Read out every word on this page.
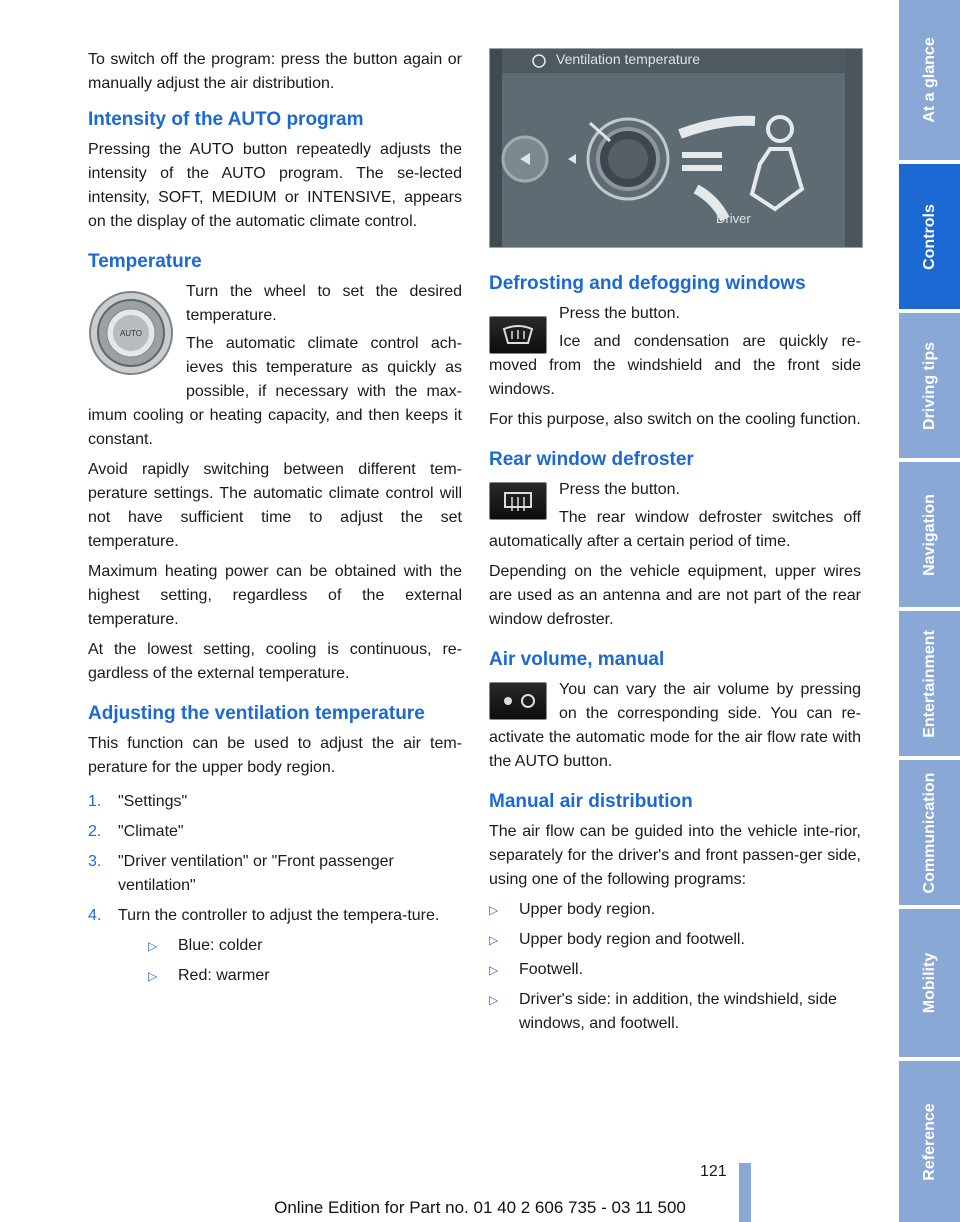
To switch off the program: press the button again or manually adjust the air distribution.

Intensity of the AUTO program

Pressing the AUTO button repeatedly adjusts the intensity of the AUTO program. The se-lected intensity, SOFT, MEDIUM or INTENSIVE, appears on the display of the automatic climate control.

Temperature
AUTO

Turn the wheel to set the desired temperature.

The automatic climate control ach-ieves this temperature as quickly as possible, if necessary with the max-imum cooling or heating capacity, and then keeps it constant.

Avoid rapidly switching between different tem-perature settings. The automatic climate control will not have sufficient time to adjust the set temperature.

Maximum heating power can be obtained with the highest setting, regardless of the external temperature.

At the lowest setting, cooling is continuous, re-gardless of the external temperature.

Adjusting the ventilation temperature

This function can be used to adjust the air tem-perature for the upper body region.

1. "Settings"
2. "Climate"
3. "Driver ventilation" or "Front passenger ventilation"
4. Turn the controller to adjust the tempera-ture.
▷ Blue: colder
▷ Red: warmer
Ventilation temperature
Driver
Defrosting and defogging windows

Press the button.

Ice and condensation are quickly re-moved from the windshield and the front side windows.

For this purpose, also switch on the cooling function.

Rear window defroster

Press the button.

The rear window defroster switches off automatically after a certain period of time.

Depending on the vehicle equipment, upper wires are used as an antenna and are not part of the rear window defroster.

Air volume, manual

You can vary the air volume by pressing on the corresponding side. You can re-activate the automatic mode for the air flow rate with the AUTO button.

Manual air distribution

The air flow can be guided into the vehicle inte-rior, separately for the driver's and front passen-ger side, using one of the following programs:

▷ Upper body region.
▷ Upper body region and footwell.
▷ Footwell.
▷ Driver's side: in addition, the windshield, side windows, and footwell.
At a glance
Controls
Driving tips
Navigation
Entertainment
Communication
Mobility
Reference
121
Online Edition for Part no. 01 40 2 606 735 - 03 11 500
